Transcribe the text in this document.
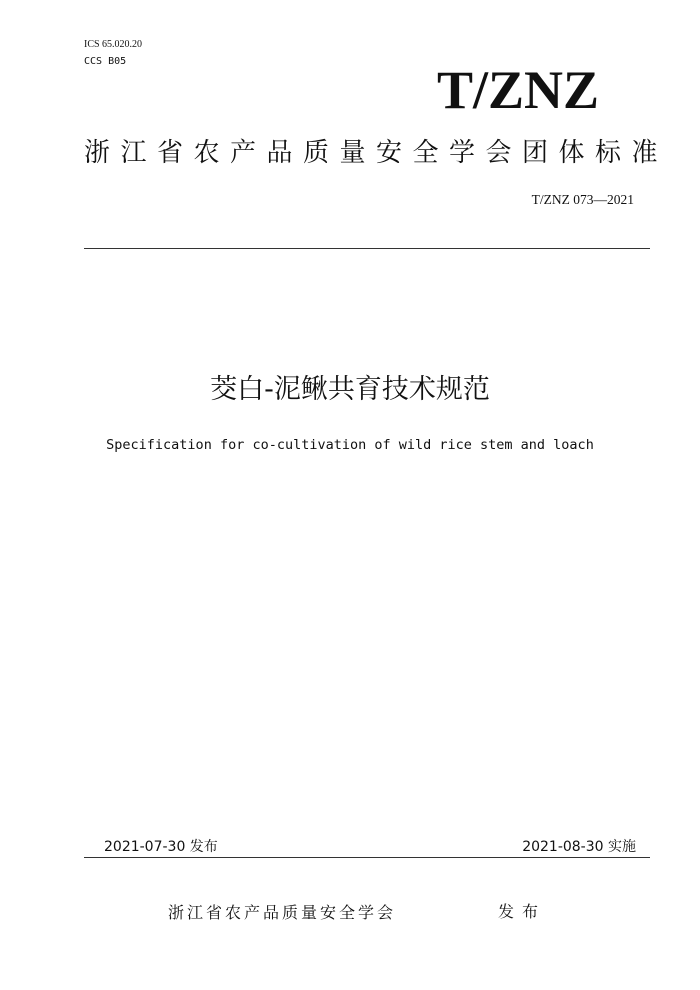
ICS 65.020.20
CCS B05	T/ZNZ
浙江省农产品质量安全学会团体标准
T/ZNZ 073—2021
茭白-泥鳅共育技术规范
Specification for co-cultivation of wild rice stem and loach
2021-07-30 发布	2021-08-30 实施
浙江省农产品质量安全学会	发布
